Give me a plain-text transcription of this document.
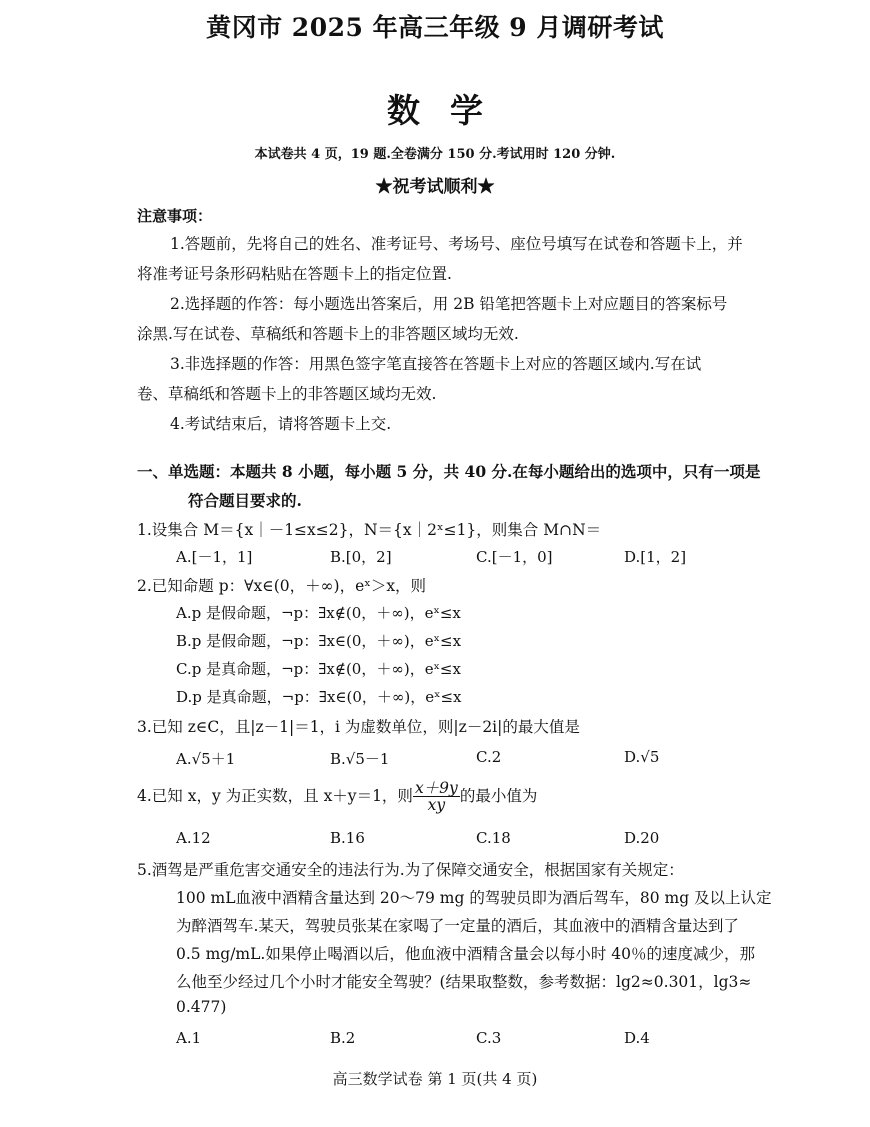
黄冈市 2025 年高三年级 9 月调研考试
数学
本试卷共 4 页，19 题.全卷满分 150 分.考试用时 120 分钟.
★祝考试顺利★
注意事项：
1.答题前，先将自己的姓名、准考证号、考场号、座位号填写在试卷和答题卡上，并
将准考证号条形码粘贴在答题卡上的指定位置.
2.选择题的作答：每小题选出答案后，用 2B 铅笔把答题卡上对应题目的答案标号
涂黑.写在试卷、草稿纸和答题卡上的非答题区域均无效.
3.非选择题的作答：用黑色签字笔直接答在答题卡上对应的答题区域内.写在试
卷、草稿纸和答题卡上的非答题区域均无效.
4.考试结束后，请将答题卡上交.
一、单选题：本题共 8 小题，每小题 5 分，共 40 分.在每小题给出的选项中，只有一项是
符合题目要求的.
1.设集合 M＝{x｜－1≤x≤2}，N＝{x｜2ˣ≤1}，则集合 M∩N＝
A.[－1，1]	B.[0，2]	C.[－1，0]	D.[1，2]
2.已知命题 p：∀x∈(0，＋∞)，eˣ＞x，则
A.p 是假命题，¬p：∃x∉(0，＋∞)，eˣ≤x
B.p 是假命题，¬p：∃x∈(0，＋∞)，eˣ≤x
C.p 是真命题，¬p：∃x∉(0，＋∞)，eˣ≤x
D.p 是真命题，¬p：∃x∈(0，＋∞)，eˣ≤x
3.已知 z∈C，且|z－1|＝1，i 为虚数单位，则|z－2i|的最大值是
A.√5＋1	B.√5－1	C.2	D.√5
4.已知 x，y 为正实数，且 x＋y＝1，则 $\frac{x+9y}{xy}$ 的最小值为
A.12	B.16	C.18	D.20
5.酒驾是严重危害交通安全的违法行为.为了保障交通安全，根据国家有关规定：
100 mL血液中酒精含量达到 20～79 mg 的驾驶员即为酒后驾车，80 mg 及以上认定
为醉酒驾车.某天，驾驶员张某在家喝了一定量的酒后，其血液中的酒精含量达到了
0.5 mg/mL.如果停止喝酒以后，他血液中酒精含量会以每小时 40％的速度减少，那
么他至少经过几个小时才能安全驾驶？(结果取整数，参考数据：lg2≈0.301，lg3≈
0.477)
A.1	B.2	C.3	D.4
高三数学试卷 第 1 页(共 4 页)
